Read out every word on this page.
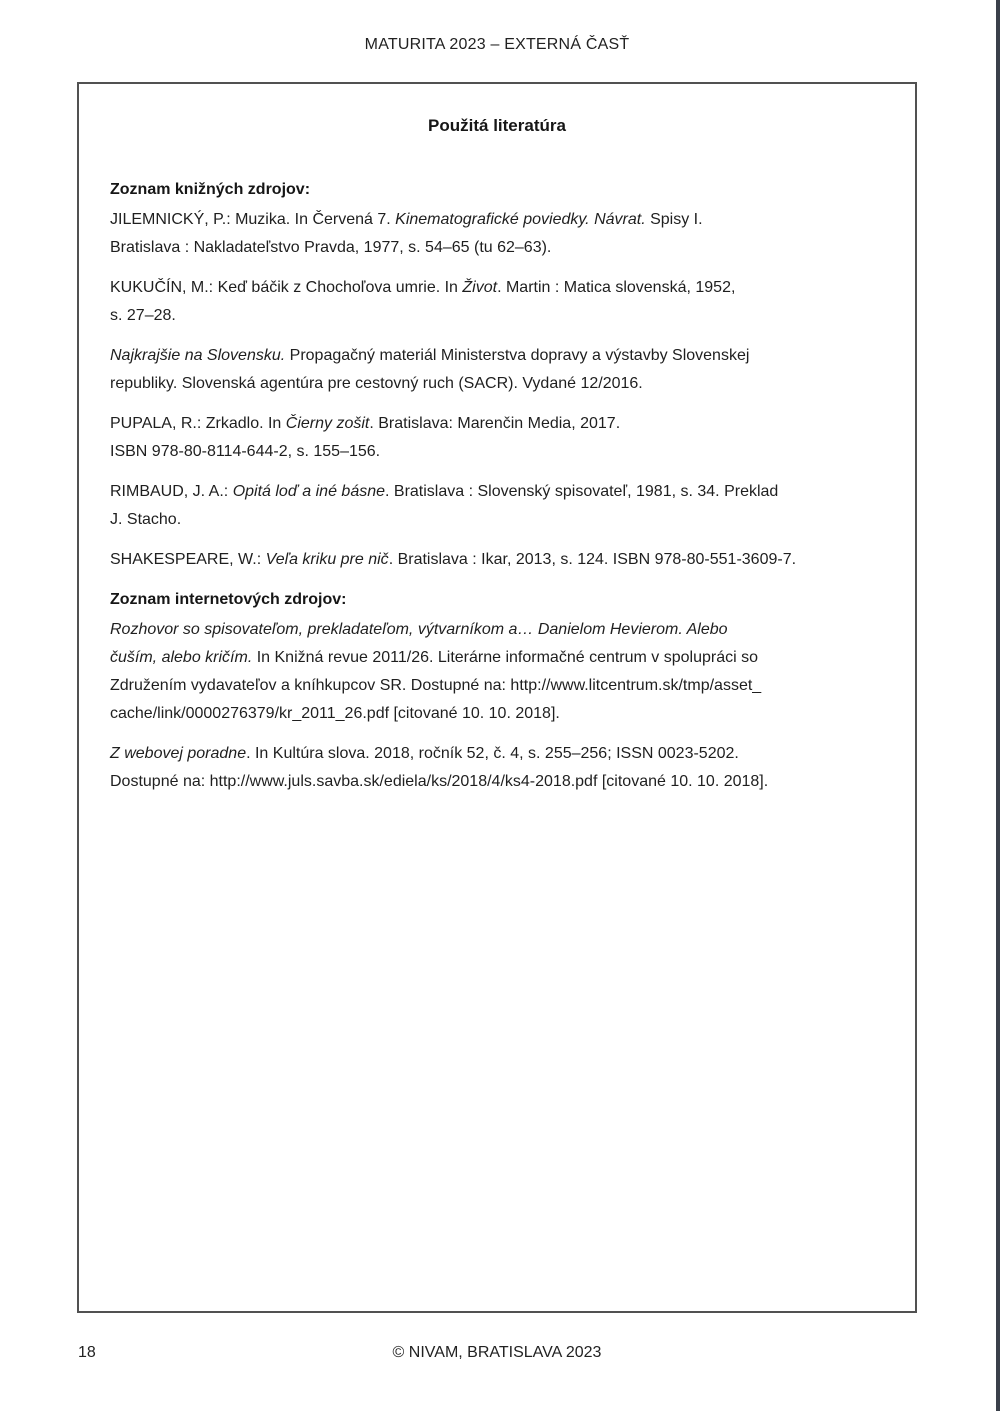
MATURITA 2023 – EXTERNÁ ČASŤ
Použitá literatúra

Zoznam knižných zdrojov:

JILEMNICKÝ, P.: Muzika. In Červená 7. Kinematografické poviedky. Návrat. Spisy I.
Bratislava : Nakladateľstvo Pravda, 1977, s. 54–65 (tu 62–63).

KUKUČÍN, M.: Keď báčik z Chochoľova umrie. In Život. Martin : Matica slovenská, 1952,
s. 27–28.

Najkrajšie na Slovensku. Propagačný materiál Ministerstva dopravy a výstavby Slovenskej
republiky. Slovenská agentúra pre cestovný ruch (SACR). Vydané 12/2016.

PUPALA, R.: Zrkadlo. In Čierny zošit. Bratislava: Marenčin Media, 2017.
ISBN 978-80-8114-644-2, s. 155–156.

RIMBAUD, J. A.: Opitá loď a iné básne. Bratislava : Slovenský spisovateľ, 1981, s. 34. Preklad
J. Stacho.

SHAKESPEARE, W.: Veľa kriku pre nič. Bratislava : Ikar, 2013, s. 124. ISBN 978-80-551-3609-7.

Zoznam internetových zdrojov:

Rozhovor so spisovateľom, prekladateľom, výtvarníkom a… Danielom Hevierom. Alebo
čuším, alebo kričím. In Knižná revue 2011/26. Literárne informačné centrum v spolupráci so
Združením vydavateľov a kníhkupcov SR. Dostupné na: http://www.litcentrum.sk/tmp/asset_
cache/link/0000276379/kr_2011_26.pdf [citované 10. 10. 2018].

Z webovej poradne. In Kultúra slova. 2018, ročník 52, č. 4, s. 255–256; ISSN 0023-5202.
Dostupné na: http://www.juls.savba.sk/ediela/ks/2018/4/ks4-2018.pdf [citované 10. 10. 2018].

18	© NIVAM, BRATISLAVA 2023
